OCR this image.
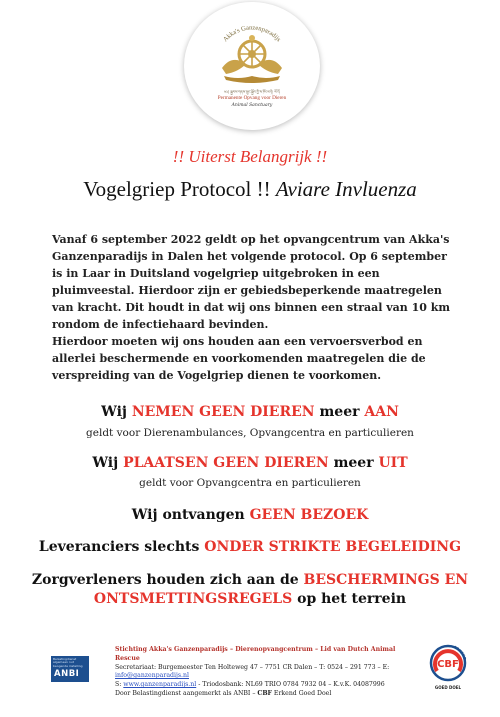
Akka's Ganzenparadijs
୨୦| སྐྱབས་གནས་སྲུང་སྐྱོབ་ཀྱི་ས་ཁོངས་ཏེ། ལོ་ངོ།
Permanente Opvang voor Dieren
Animal Sanctuary
!! Uiterst Belangrijk !!
Vogelgriep Protocol !! Aviare Invluenza
Vanaf 6 september 2022 geldt op het opvangcentrum van Akka's Ganzenparadijs in Dalen het volgende protocol. Op 6 september is in Laar in Duitsland vogelgriep uitgebroken in een pluimveestal. Hierdoor zijn er gebiedsbeperkende maatregelen van kracht. Dit houdt in dat wij ons binnen een straal van 10 km rondom de infectiehaard bevinden.
Hierdoor moeten wij ons houden aan een vervoersverbod en allerlei beschermende en voorkomenden maatregelen die de verspreiding van de Vogelgriep dienen te voorkomen.
Wij NEMEN GEEN DIEREN meer AAN
geldt voor Dierenambulances, Opvangcentra en particulieren
Wij PLAATSEN GEEN DIEREN meer UIT
geldt voor Opvangcentra en particulieren
Wij ontvangen GEEN BEZOEK
Leveranciers slechts ONDER STRIKTE BEGELEIDING
Zorgverleners houden zich aan de BESCHERMINGS EN
ONTSMETTINGSREGELS op het terrein
Belastingdienst algemeen nut beogende instelling
ANBI
Stichting Akka's Ganzenparadijs – Dierenopvangcentrum – Lid van Dutch Animal Rescue
Secretariaat: Burgemeester Ten Holteweg 47 – 7751 CR Dalen – T: 0524 – 291 773 – E: info@ganzenparadijs.nl
S: www.ganzenparadijs.nl - Triodosbank: NL69 TRIO 0784 7932 04 – K.v.K. 04087996
Door Belastingdienst aangemerkt als ANBI – CBF Erkend Goed Doel
CBF
ERKEND
GOED DOEL
